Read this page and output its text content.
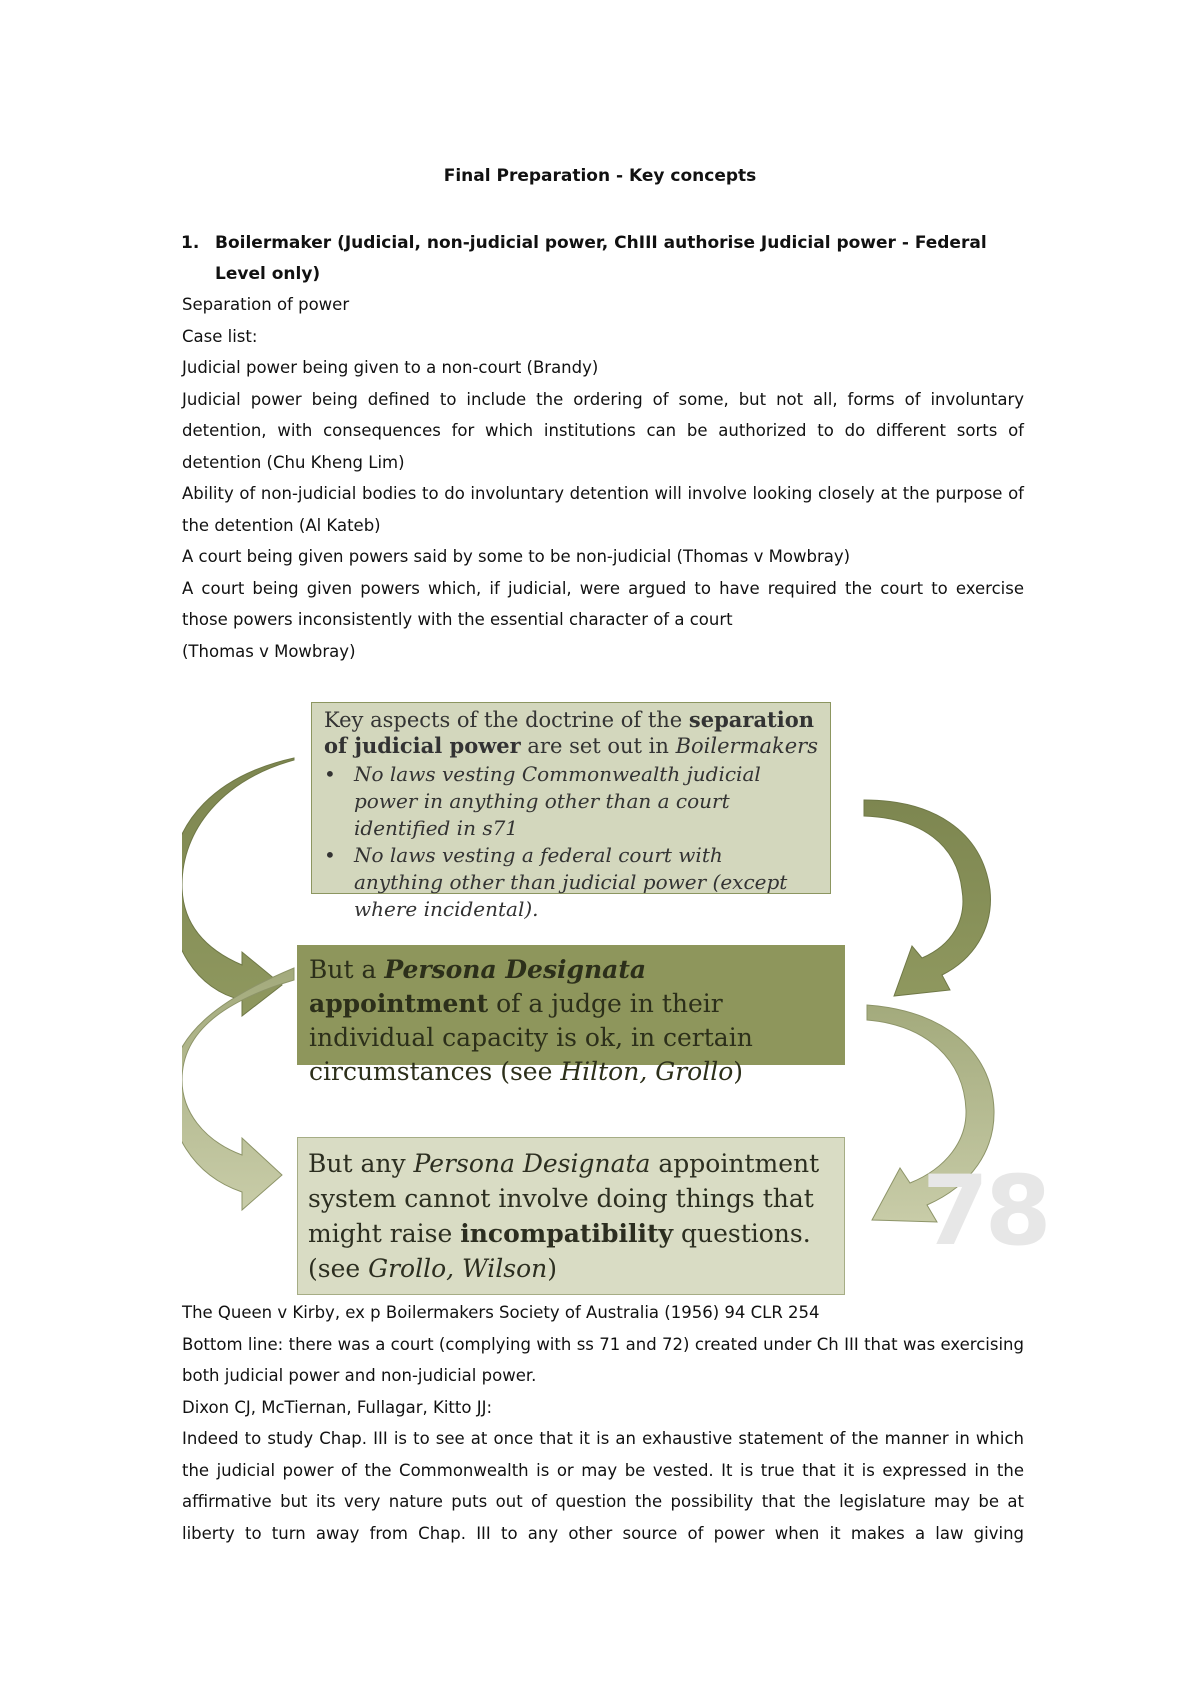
Final Preparation - Key concepts
1. Boilermaker (Judicial, non-judicial power, ChIII authorise Judicial power - Federal Level only)

Separation of power

Case list:

Judicial power being given to a non-court (Brandy)

Judicial power being defined to include the ordering of some, but not all, forms of involuntary detention, with consequences for which institutions can be authorized to do different sorts of detention (Chu Kheng Lim)

Ability of non-judicial bodies to do involuntary detention will involve looking closely at the purpose of the detention (Al Kateb)

A court being given powers said by some to be non-judicial (Thomas v Mowbray)

A court being given powers which, if judicial, were argued to have required the court to exercise those powers inconsistently with the essential character of a court

(Thomas v Mowbray)

78
Key aspects of the doctrine of the separation of judicial power are set out in Boilermakers
• No laws vesting Commonwealth judicial power in anything other than a court identified in s71
• No laws vesting a federal court with anything other than judicial power (except where incidental).
But a Persona Designata appointment of a judge in their individual capacity is ok, in certain circumstances (see Hilton, Grollo)
But any Persona Designata appointment system cannot involve doing things that might raise incompatibility questions. (see Grollo, Wilson)

The Queen v Kirby, ex p Boilermakers Society of Australia (1956) 94 CLR 254

Bottom line: there was a court (complying with ss 71 and 72) created under Ch III that was exercising both judicial power and non-judicial power.

Dixon CJ, McTiernan, Fullagar, Kitto JJ:

Indeed to study Chap. III is to see at once that it is an exhaustive statement of the manner in which the judicial power of the Commonwealth is or may be vested. It is true that it is expressed in the affirmative but its very nature puts out of question the possibility that the legislature may be at liberty to turn away from Chap. III to any other source of power when it makes a law giving
